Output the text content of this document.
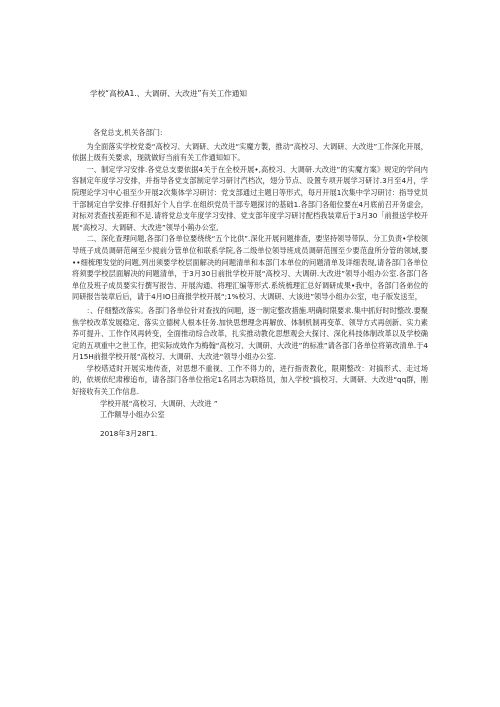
学校“高校A1.、大调研、大改进”有关工作通知

各党总支,机关各部门:

为全面落实学校党委“高校习、大调研、大改进“实魔方製，推动“高校习、大调研、大改进”工作深化开展，依据上级有关要求，现就做好当前有关工作通知如下。

一、制定学习安排.各党总支要依据4关于在全校开展•,高校习、大调研.大改进”的实魔方案》规定的学问内容制定年度学习安排，并指导各党支部制定学习研讨汽档次，翅分节点、设置专项开展学习研讨.3月至4月，学院理论学习中心祖至少开展2次集体学习研讨：党支部通过主题日等形式，每月开展1次集中学习研讨：指导党员干部制定自学安排.仔细抓好个人自学.在组织党员干部专题探讨的基础1.各部门各船位要在4月底前召开务虚会，对标对表查找差距和不足.请将党总支年度学习安排、党支部年度学习研讨配档我装章后于3月30「前报送学校开展“高校习、大调研、大改进”领导小蒴办公室,

二、深化查理问题,各部门各单位要绕绕“五个比供”.深化开展问题排查，要坚持领导带队、分工负责•学校领导班子成员调研范阐至少搅前分管单位和联系学院,各二级单位领导班成员调研范围至少要范盘所分管的领域,要••细梳理发觉的问题,列出须要学校层面解决的问题清单和本部门本单位的问题清单及详细表现,请各部门各单位将须要学校层面解决的问题清单，于3月30日前批学校开展“高校习、大调研.大改进”领导小组办公室.各部门各单位及班子成员要实行撰写报告、开展沟通、将理汇编等形式.系统梳理汇总好调研成果•我中，各部门各弟位的同研报告装章后后，请于4月IO日商报学校开展“;1%校习、大调研、大该进”领导小组办公室，电子版发送至，

：、仔细整改落实。各部门各单位针对查找的问题，逐一制定整改措施.明确时限要求.集中抓好时时整改.要聚焦学校改革发展稳定、落实立德树人根本任务.加快思想理念再解放、体制机制再变革、领导方式再创新、实力素养可提升、工作作风再转变，全面推动综合改革，扎实推动教化思想观会大探讨、深化科技体制改革以及学校确定的五项重中之世工作，把实际成效作为梅翰“高校习、大调研、大改进”的标准”请各部门各单位将第改清单.于4月15H前报学校开展“高校习、大调研、大改进“领导小组办公室.

学校塔适时开展实地传查，对思想不重视、工作不得力的，进行指责教化，限期整改：对搞形式、走过场的，依规依纪肃穆追布，请各部门各单位指定1名同志为联络员，加入学校“搞校习、大调研、大改进“qq群，刚好接收有关工作信息.

学校开展“高校习、大调研、大改进 ”

工作额导小组办公室

2018年3月28Γ1.
